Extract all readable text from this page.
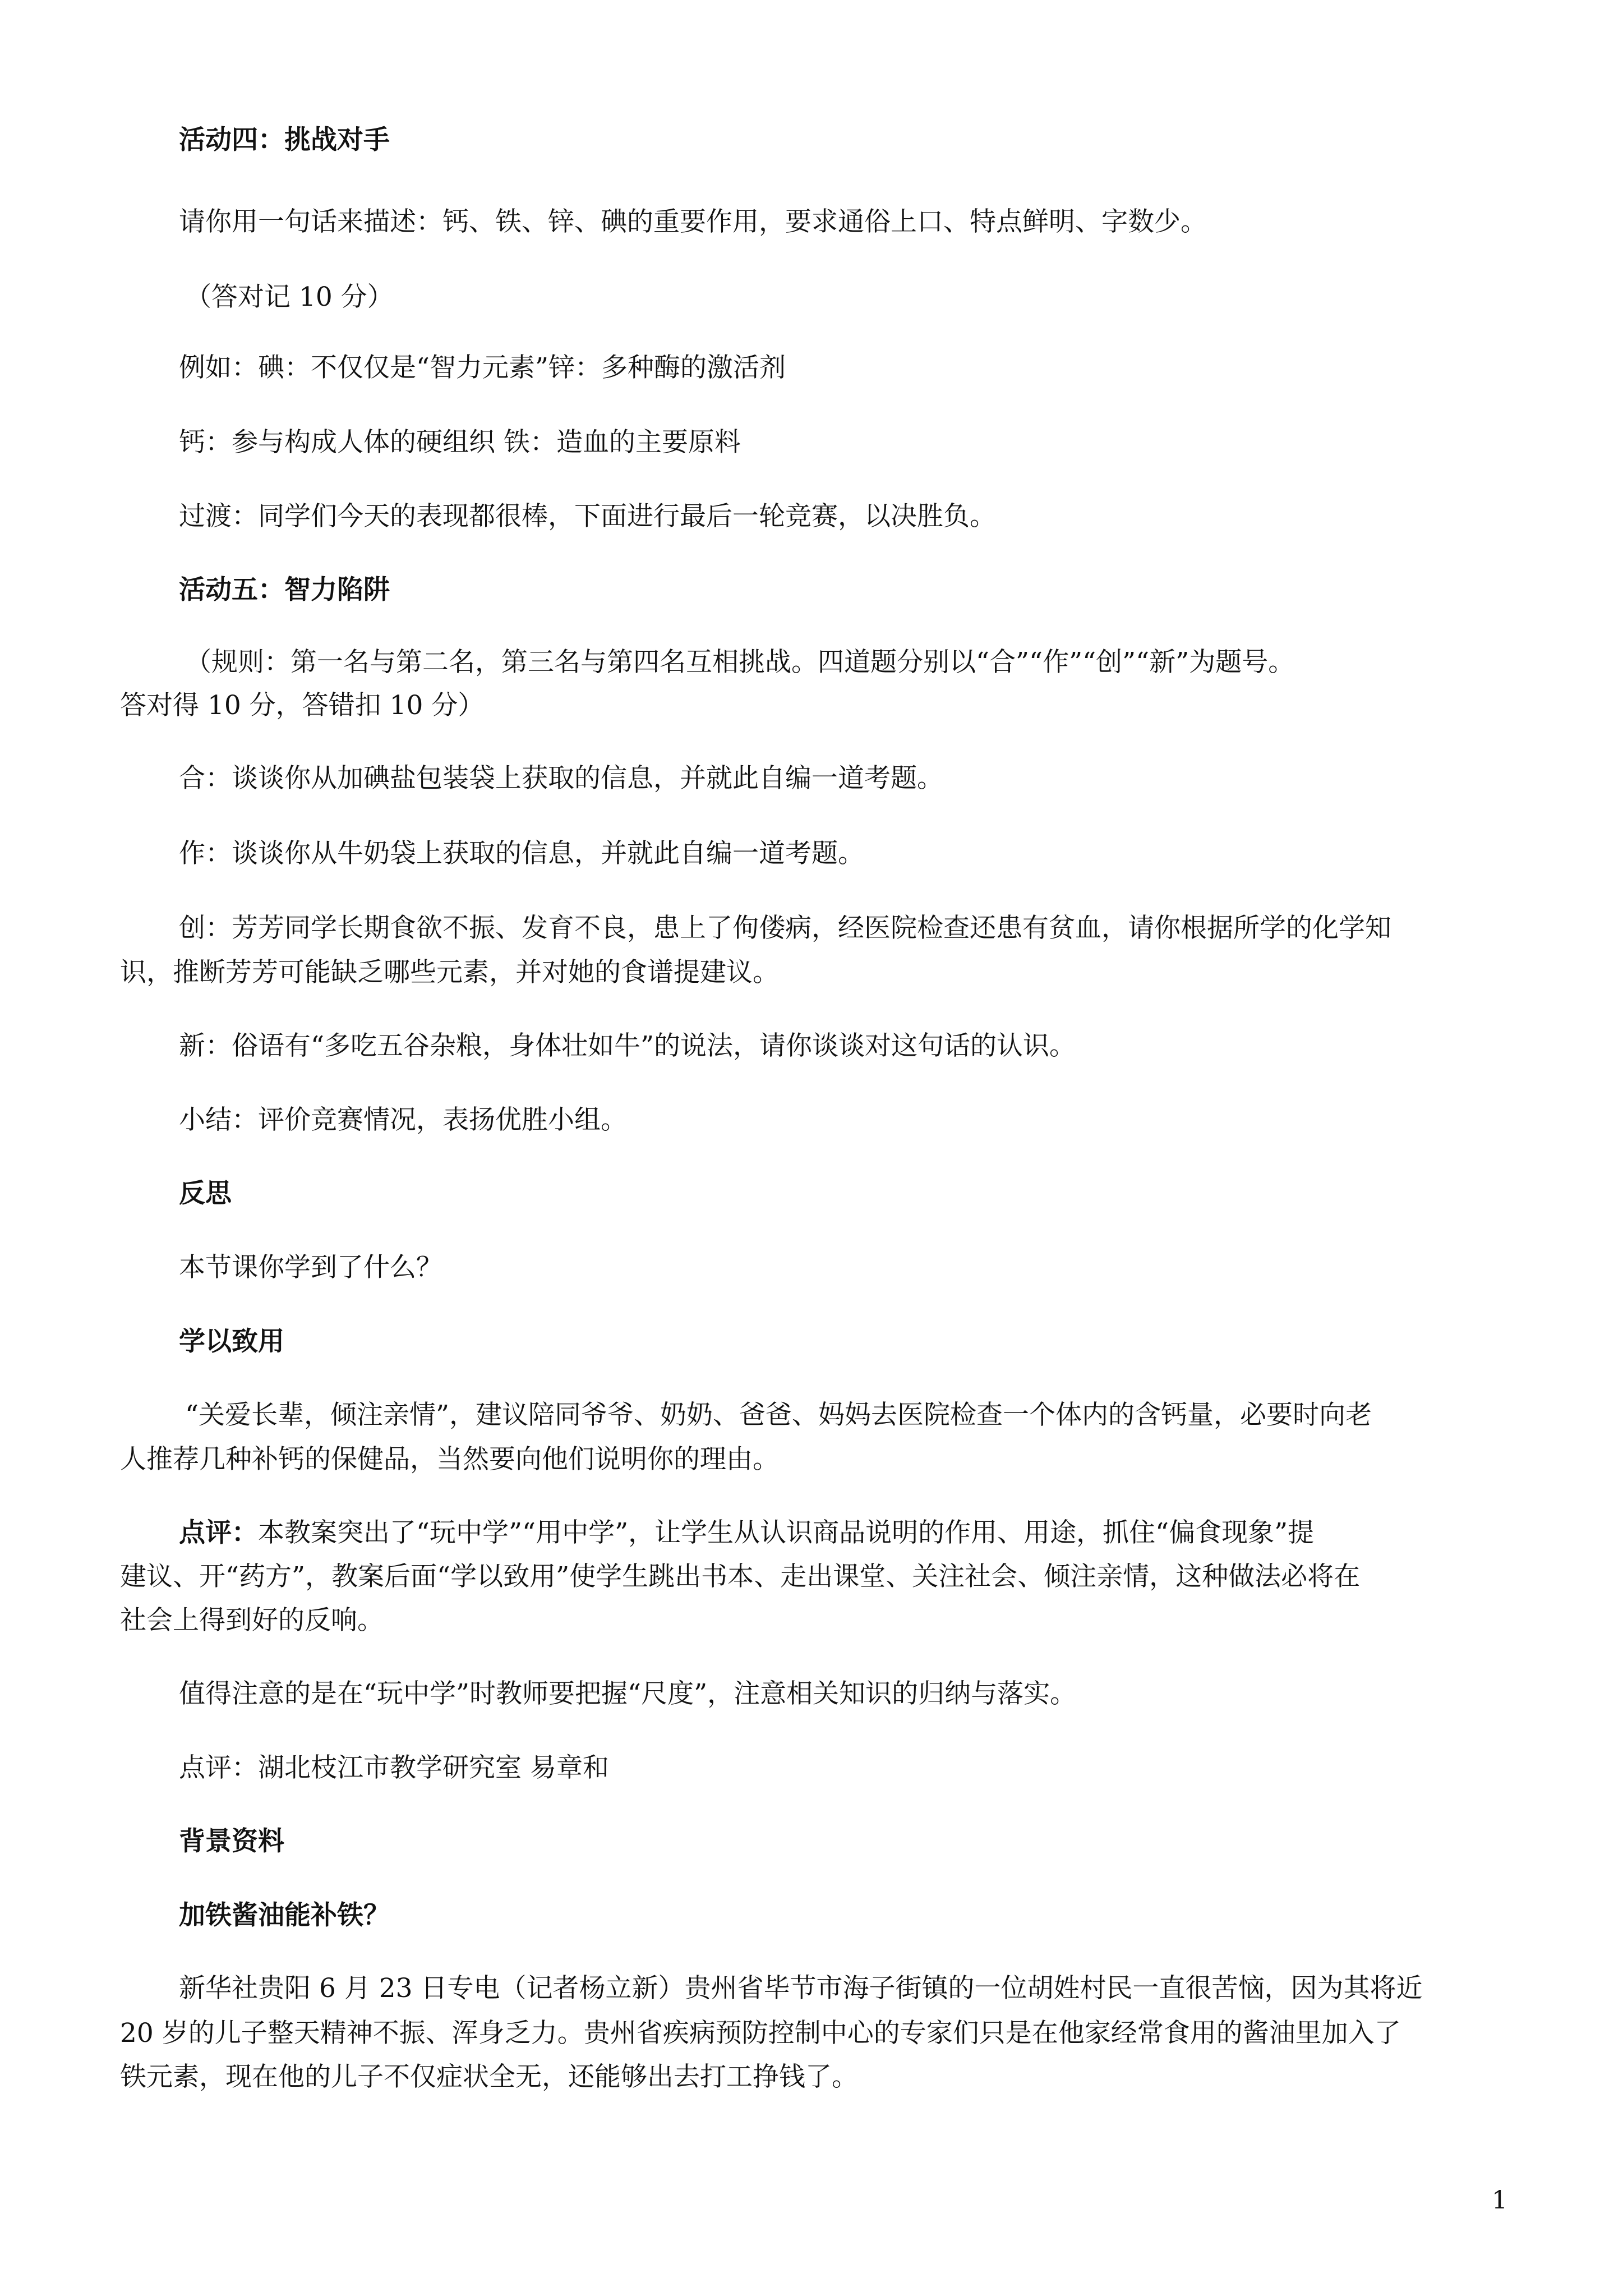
活动四：挑战对手
请你用一句话来描述：钙、铁、锌、碘的重要作用，要求通俗上口、特点鲜明、字数少。
（答对记 10 分）
例如：碘：不仅仅是“智力元素”锌：多种酶的激活剂
钙：参与构成人体的硬组织 铁：造血的主要原料
过渡：同学们今天的表现都很棒，下面进行最后一轮竞赛，以决胜负。
活动五：智力陷阱
（规则：第一名与第二名，第三名与第四名互相挑战。四道题分别以“合”“作”“创”“新”为题号。
答对得 10 分，答错扣 10 分）
合：谈谈你从加碘盐包装袋上获取的信息，并就此自编一道考题。
作：谈谈你从牛奶袋上获取的信息，并就此自编一道考题。
创：芳芳同学长期食欲不振、发育不良，患上了佝偻病，经医院检查还患有贫血，请你根据所学的化学知
识，推断芳芳可能缺乏哪些元素，并对她的食谱提建议。
新：俗语有“多吃五谷杂粮，身体壮如牛”的说法，请你谈谈对这句话的认识。
小结：评价竞赛情况，表扬优胜小组。
反思
本节课你学到了什么？
学以致用
“关爱长辈，倾注亲情”，建议陪同爷爷、奶奶、爸爸、妈妈去医院检查一个体内的含钙量，必要时向老
人推荐几种补钙的保健品，当然要向他们说明你的理由。
点评：本教案突出了“玩中学”“用中学”，让学生从认识商品说明的作用、用途，抓住“偏食现象”提
建议、开“药方”，教案后面“学以致用”使学生跳出书本、走出课堂、关注社会、倾注亲情，这种做法必将在
社会上得到好的反响。
值得注意的是在“玩中学”时教师要把握“尺度”，注意相关知识的归纳与落实。
点评：湖北枝江市教学研究室 易章和
背景资料
加铁酱油能补铁？
新华社贵阳 6 月 23 日专电（记者杨立新）贵州省毕节市海子街镇的一位胡姓村民一直很苦恼，因为其将近
20 岁的儿子整天精神不振、浑身乏力。贵州省疾病预防控制中心的专家们只是在他家经常食用的酱油里加入了
铁元素，现在他的儿子不仅症状全无，还能够出去打工挣钱了。
1
